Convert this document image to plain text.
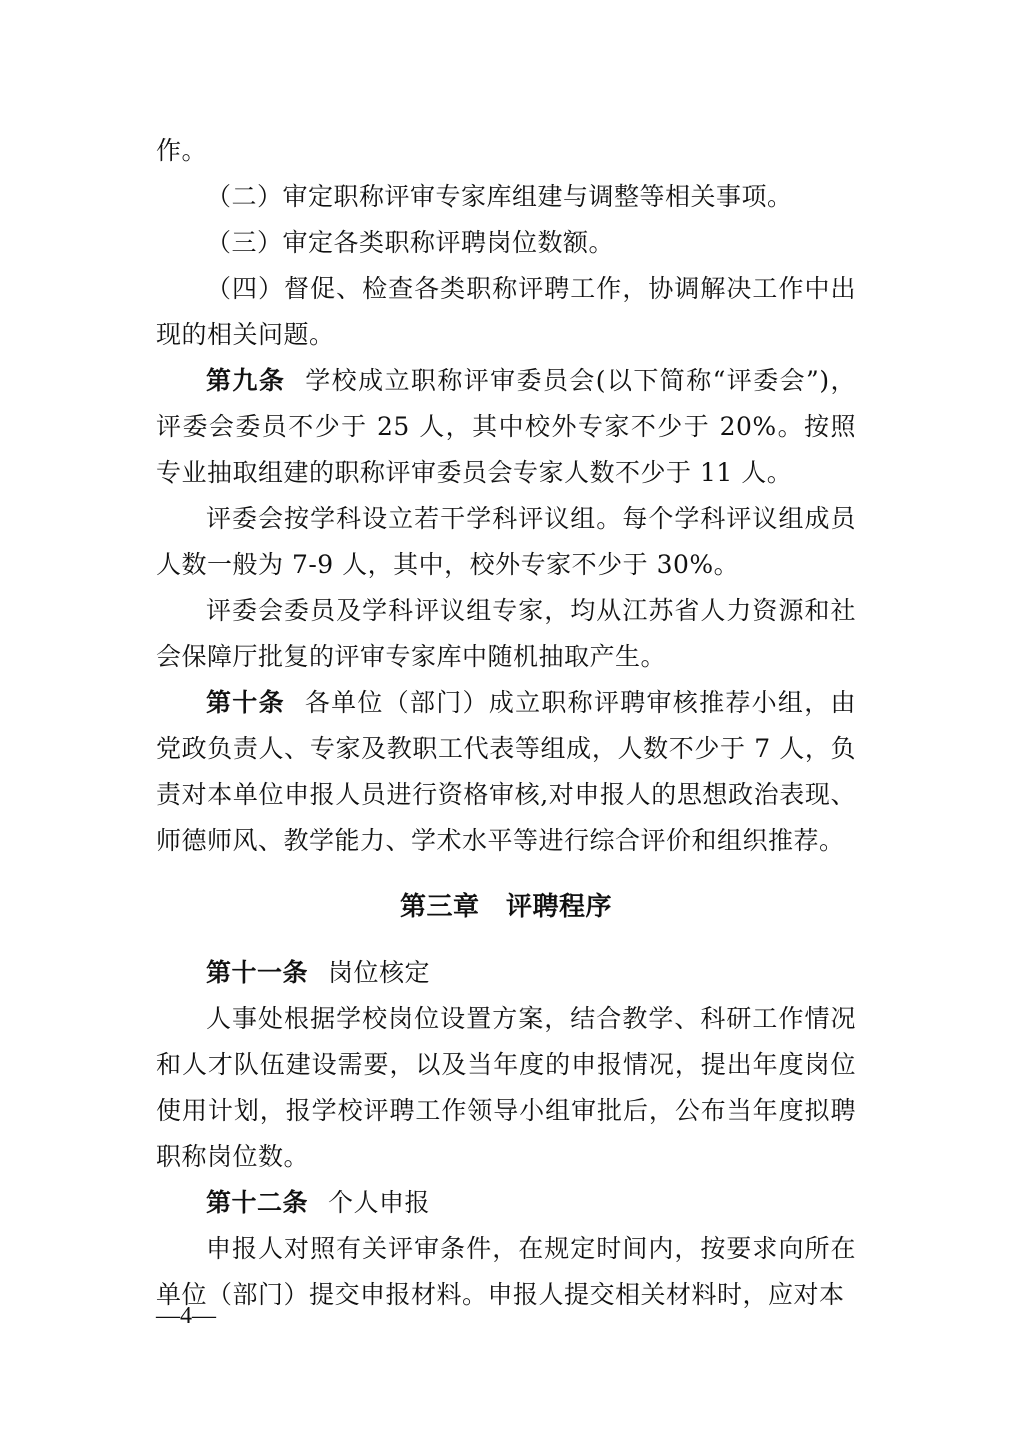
作。

（二）审定职称评审专家库组建与调整等相关事项。

（三）审定各类职称评聘岗位数额。

（四）督促、检查各类职称评聘工作，协调解决工作中出现的相关问题。

第九条 学校成立职称评审委员会(以下简称“评委会”)，评委会委员不少于 25 人，其中校外专家不少于 20%。按照专业抽取组建的职称评审委员会专家人数不少于 11 人。

评委会按学科设立若干学科评议组。每个学科评议组成员人数一般为 7-9 人，其中，校外专家不少于 30%。

评委会委员及学科评议组专家，均从江苏省人力资源和社会保障厅批复的评审专家库中随机抽取产生。

第十条 各单位（部门）成立职称评聘审核推荐小组，由党政负责人、专家及教职工代表等组成，人数不少于 7 人，负责对本单位申报人员进行资格审核,对申报人的思想政治表现、师德师风、教学能力、学术水平等进行综合评价和组织推荐。

第三章　评聘程序

第十一条 岗位核定

人事处根据学校岗位设置方案，结合教学、科研工作情况和人才队伍建设需要，以及当年度的申报情况，提出年度岗位使用计划，报学校评聘工作领导小组审批后，公布当年度拟聘职称岗位数。

第十二条 个人申报

申报人对照有关评审条件，在规定时间内，按要求向所在单位（部门）提交申报材料。申报人提交相关材料时，应对本

—4—
